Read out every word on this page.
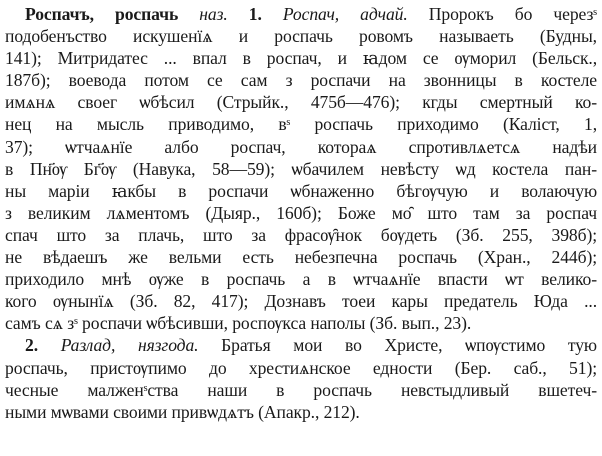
Роспачъ, роспачь наз. 1. Роспач, адчай. Пророкъ бо черезˢ
подобенъство искушенїѧ и роспачь ровомъ называеть (Будны,
141); Митридатес ... впал в роспач, и ꙗдом се ѹморил (Бельск.,
187б); воевода потом се сам з роспачи на звонницы в костеле
имѧнѧ своег ѡбѣсил (Стрыйк., 475б—476); кгды смертный ко-
нец на мысль приводимо, вˢ роспачь приходимо (Каліст, 1,
37); ѡтчаѧнїе албо роспач, котораѧ спротивлѧетсѧ надѣи
в Пн҃ѹ Бг҃ѹ (Навука, 58—59); ѡбачилем невѣсту ѡд костела пан-
ны маріи ꙗкбы в роспачи ѡбнаженно бѣгѹчую и волаючую
з великим лѧментомъ (Дыяр., 160б); Боже мо̑ што там за роспач
спач што за плачь, што за фрасѹ̑нок бѹдеть (Зб. 255, 398б);
не вѣдаешъ же вельми есть небезпечна роспачь (Хран., 244б);
приходило мнѣ ѹже в роспачь а в ѡтчаѧнїе впасти ѡт велико-
кого ѹнынїѧ (Зб. 82, 417); Дознавъ тоеи кары предатель Юда ...
самъ сѧ зˢ роспачи ѡбѣсивши, роспѹкса наполы (Зб. вып., 23).
2. Разлад, нязгода. Братья мои во Христе, ѡпѹстимо тую
роспачь, пристѹпимо до хрестиѧнское едности (Бер. саб., 51);
чесные малженˢства наши в роспачь невстыдливый вшетеч-
ными мѡвами своими привѡдѧтъ (Апакр., 212).
